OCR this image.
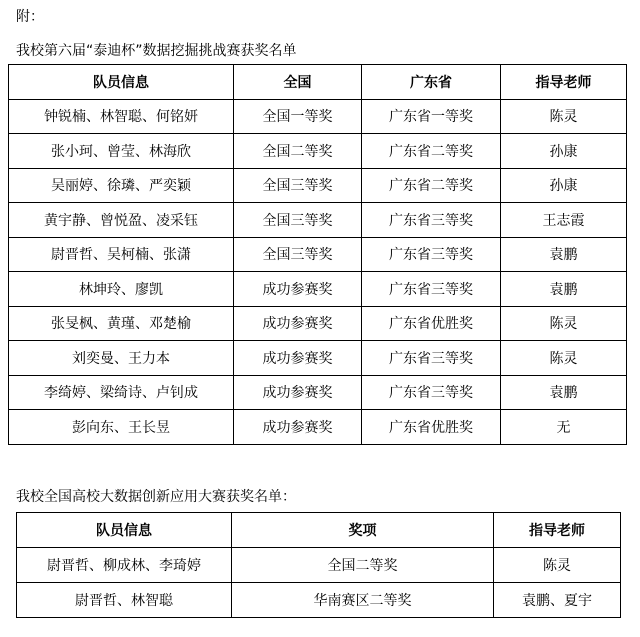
附：
我校第六届“泰迪杯”数据挖掘挑战赛获奖名单
队员信息	全国	广东省	指导老师
钟锐楠、林智聪、何铭妍	全国一等奖	广东省一等奖	陈灵
张小珂、曾莹、林海欣	全国二等奖	广东省二等奖	孙康
吴丽婷、徐璘、严奕颖	全国三等奖	广东省二等奖	孙康
黄宇静、曾悦盈、凌采钰	全国三等奖	广东省三等奖	王志霞
尉晋哲、吴柯楠、张潇	全国三等奖	广东省三等奖	袁鹏
林坤玲、廖凯	成功参赛奖	广东省三等奖	袁鹏
张旻枫、黄瑾、邓楚榆	成功参赛奖	广东省优胜奖	陈灵
刘奕曼、王力本	成功参赛奖	广东省三等奖	陈灵
李绮婷、梁绮诗、卢钊成	成功参赛奖	广东省三等奖	袁鹏
彭向东、王长昱	成功参赛奖	广东省优胜奖	无
我校全国高校大数据创新应用大赛获奖名单：
队员信息	奖项	指导老师
尉晋哲、柳成林、李琦婷	全国二等奖	陈灵
尉晋哲、林智聪	华南赛区二等奖	袁鹏、夏宇
